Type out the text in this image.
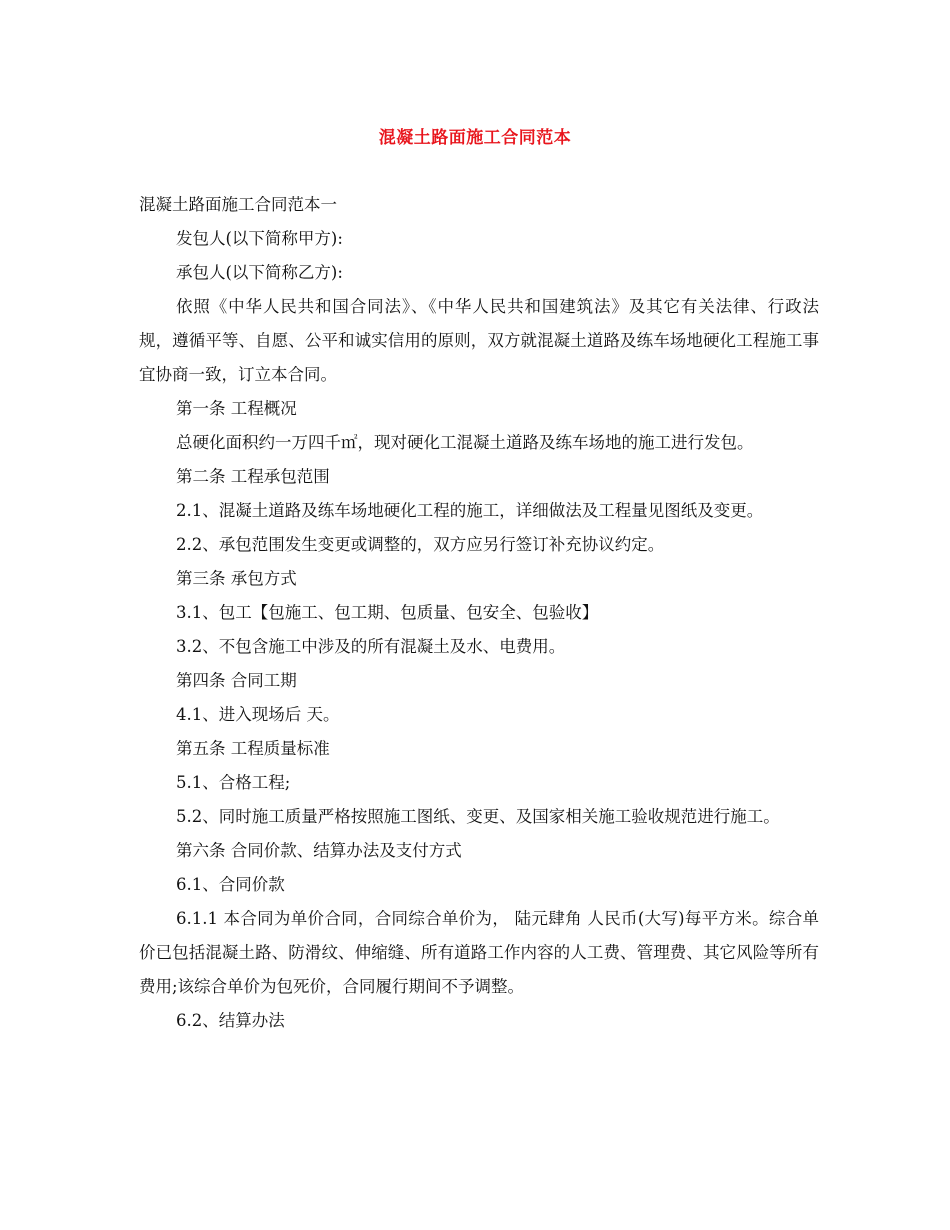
混凝土路面施工合同范本

混凝土路面施工合同范本一

发包人(以下简称甲方):

承包人(以下简称乙方):

依照《中华人民共和国合同法》、《中华人民共和国建筑法》及其它有关法律、行政法规，遵循平等、自愿、公平和诚实信用的原则，双方就混凝土道路及练车场地硬化工程施工事宜协商一致，订立本合同。

第一条 工程概况

总硬化面积约一万四千㎡，现对硬化工混凝土道路及练车场地的施工进行发包。

第二条 工程承包范围

2.1、混凝土道路及练车场地硬化工程的施工，详细做法及工程量见图纸及变更。

2.2、承包范围发生变更或调整的，双方应另行签订补充协议约定。

第三条 承包方式

3.1、包工【包施工、包工期、包质量、包安全、包验收】

3.2、不包含施工中涉及的所有混凝土及水、电费用。

第四条 合同工期

4.1、进入现场后 天。

第五条 工程质量标准

5.1、合格工程;

5.2、同时施工质量严格按照施工图纸、变更、及国家相关施工验收规范进行施工。

第六条 合同价款、结算办法及支付方式

6.1、合同价款

6.1.1 本合同为单价合同，合同综合单价为， 陆元肆角 人民币(大写)每平方米。综合单价已包括混凝土路、防滑纹、伸缩缝、所有道路工作内容的人工费、管理费、其它风险等所有费用;该综合单价为包死价，合同履行期间不予调整。

6.2、结算办法
